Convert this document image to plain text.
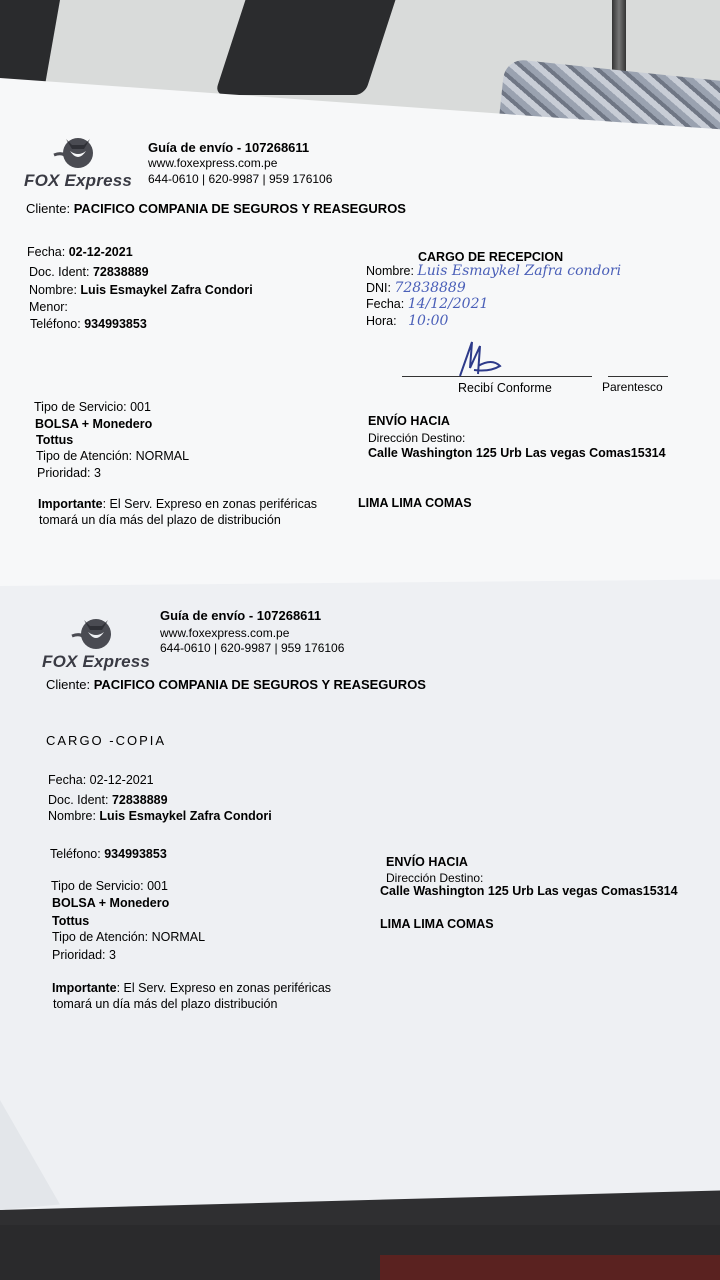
FOX Express
Guía de envío - 107268611
www.foxexpress.com.pe
644-0610 | 620-9987 | 959 176106
Cliente: PACIFICO COMPANIA DE SEGUROS Y REASEGUROS
Fecha: 02-12-2021
Doc. Ident: 72838889
Nombre: Luis Esmaykel Zafra Condori
Menor:
Teléfono: 934993853
CARGO DE RECEPCION
Nombre: Luis Esmaykel Zafra condori
DNI: 72838889
Fecha: 14/12/2021
Hora: 10:00
Recibí Conforme	Parentesco
Tipo de Servicio: 001
BOLSA + Monedero
Tottus
Tipo de Atención: NORMAL
Prioridad: 3
ENVÍO HACIA
Dirección Destino:
Calle Washington 125 Urb Las vegas Comas15314
Importante: El Serv. Expreso en zonas periféricas
tomará un día más del plazo de distribución
LIMA LIMA COMAS
FOX Express
Guía de envío - 107268611
www.foxexpress.com.pe
644-0610 | 620-9987 | 959 176106
Cliente: PACIFICO COMPANIA DE SEGUROS Y REASEGUROS
CARGO -COPIA
Fecha: 02-12-2021
Doc. Ident: 72838889
Nombre: Luis Esmaykel Zafra Condori
Teléfono: 934993853
ENVÍO HACIA
Dirección Destino:
Calle Washington 125 Urb Las vegas Comas15314
LIMA LIMA COMAS
Tipo de Servicio: 001
BOLSA + Monedero
Tottus
Tipo de Atención: NORMAL
Prioridad: 3
Importante: El Serv. Expreso en zonas periféricas
tomará un día más del plazo distribución
